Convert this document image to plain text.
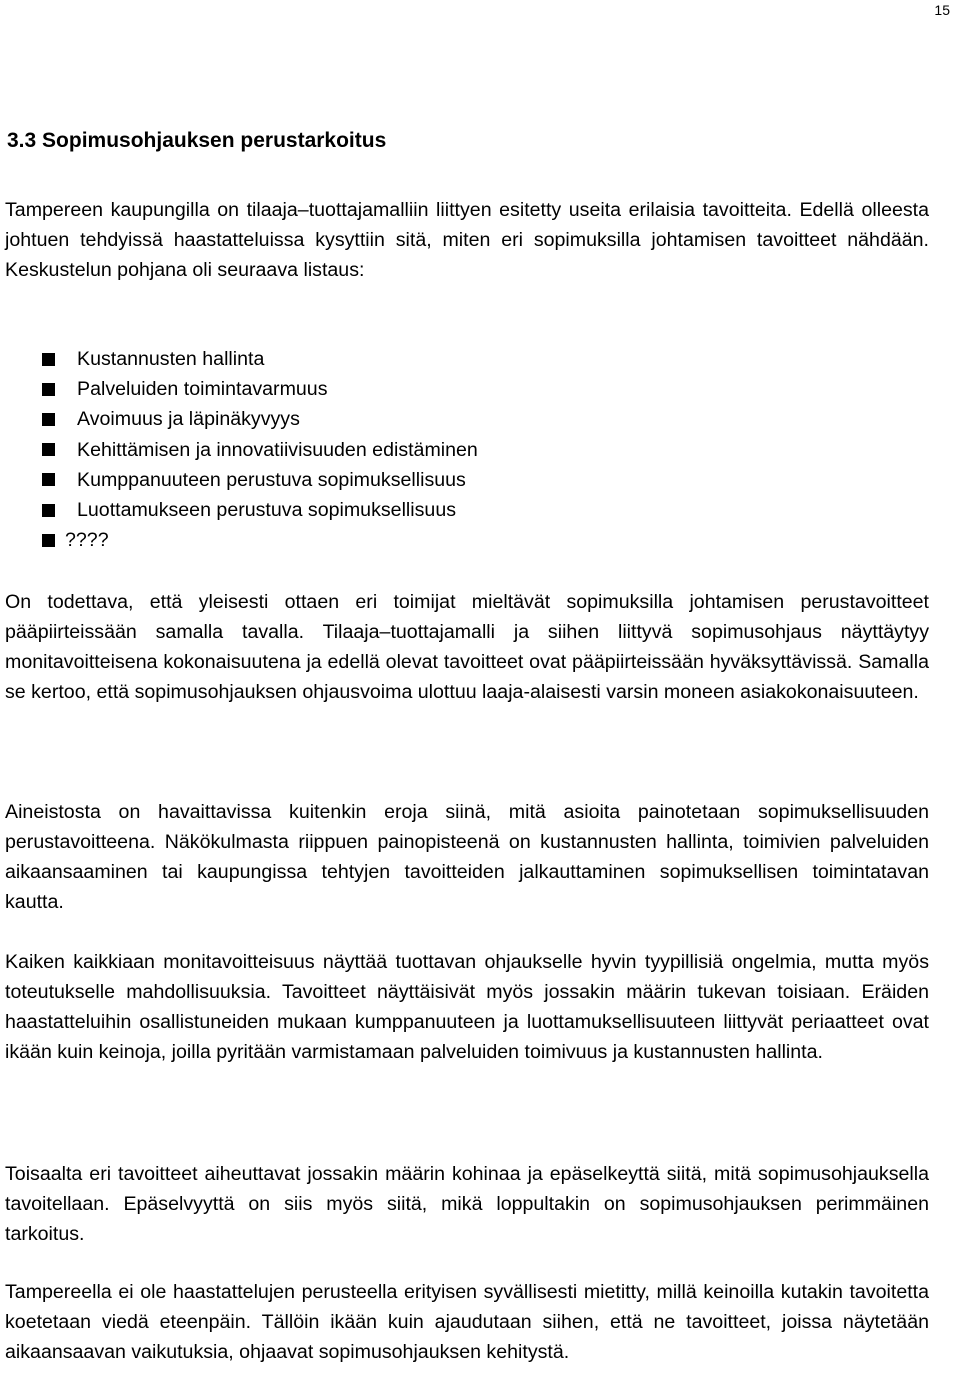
15
3.3 Sopimusohjauksen perustarkoitus

Tampereen kaupungilla on tilaaja–tuottajamalliin liittyen esitetty useita erilaisia tavoitteita. Edellä olleesta johtuen tehdyissä haastatteluissa kysyttiin sitä, miten eri sopimuksilla johtamisen tavoitteet nähdään. Keskustelun pohjana oli seuraava listaus:

Kustannusten hallinta
Palveluiden toimintavarmuus
Avoimuus ja läpinäkyvyys
Kehittämisen ja innovatiivisuuden edistäminen
Kumppanuuteen perustuva sopimuksellisuus
Luottamukseen perustuva sopimuksellisuus
????

On todettava, että yleisesti ottaen eri toimijat mieltävät sopimuksilla johtamisen perustavoitteet pääpiirteissään samalla tavalla. Tilaaja–tuottajamalli ja siihen liittyvä sopimusohjaus näyttäytyy monitavoitteisena kokonaisuutena ja edellä olevat tavoitteet ovat pääpiirteissään hyväksyttävissä. Samalla se kertoo, että sopimusohjauksen ohjausvoima ulottuu laaja-alaisesti varsin moneen asiakokonaisuuteen.

Aineistosta on havaittavissa kuitenkin eroja siinä, mitä asioita painotetaan sopimuksellisuuden perustavoitteena. Näkökulmasta riippuen painopisteenä on kustannusten hallinta, toimivien palveluiden aikaansaaminen tai kaupungissa tehtyjen tavoitteiden jalkauttaminen sopimuksellisen toimintatavan kautta.

Kaiken kaikkiaan monitavoitteisuus näyttää tuottavan ohjaukselle hyvin tyypillisiä ongelmia, mutta myös toteutukselle mahdollisuuksia. Tavoitteet näyttäisivät myös jossakin määrin tukevan toisiaan. Eräiden haastatteluihin osallistuneiden mukaan kumppanuuteen ja luottamuksellisuuteen liittyvät periaatteet ovat ikään kuin keinoja, joilla pyritään varmistamaan palveluiden toimivuus ja kustannusten hallinta.

Toisaalta eri tavoitteet aiheuttavat jossakin määrin kohinaa ja epäselkeyttä siitä, mitä sopimusohjauksella tavoitellaan. Epäselvyyttä on siis myös siitä, mikä loppultakin on sopimusohjauksen perimmäinen tarkoitus.

Tampereella ei ole haastattelujen perusteella erityisen syvällisesti mietitty, millä keinoilla kutakin tavoitetta koetetaan viedä eteenpäin. Tällöin ikään kuin ajaudutaan siihen, että ne tavoitteet, joissa näytetään aikaansaavan vaikutuksia, ohjaavat sopimusohjauksen kehitystä.
